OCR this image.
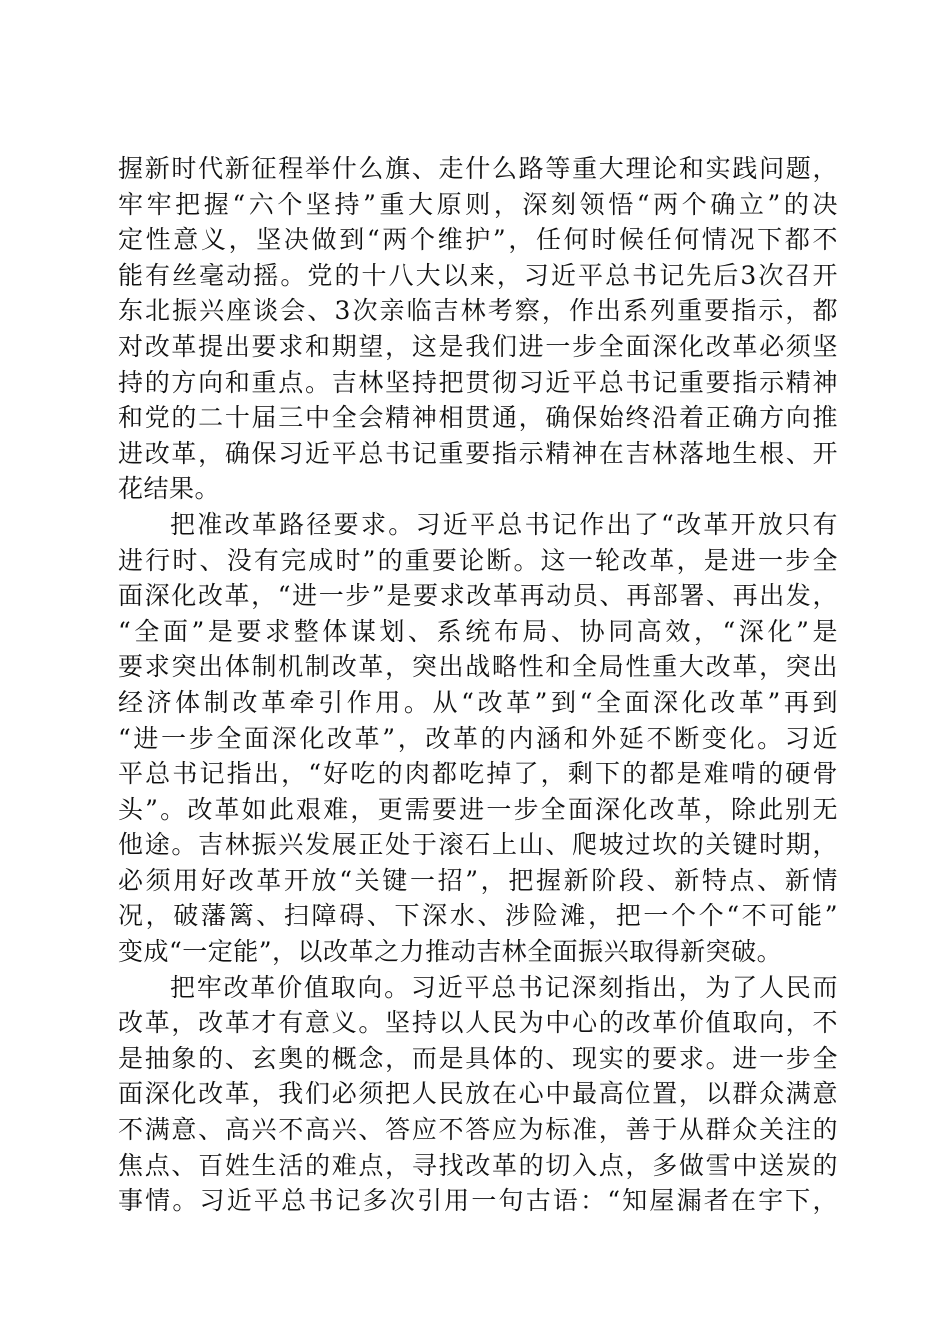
握新时代新征程举什么旗、走什么路等重大理论和实践问题，
牢牢把握“六个坚持”重大原则，深刻领悟“两个确立”的决
定性意义，坚决做到“两个维护”，任何时候任何情况下都不
能有丝毫动摇。党的十八大以来，习近平总书记先后3次召开
东北振兴座谈会、3次亲临吉林考察，作出系列重要指示，都
对改革提出要求和期望，这是我们进一步全面深化改革必须坚
持的方向和重点。吉林坚持把贯彻习近平总书记重要指示精神
和党的二十届三中全会精神相贯通，确保始终沿着正确方向推
进改革，确保习近平总书记重要指示精神在吉林落地生根、开
花结果。
把准改革路径要求。习近平总书记作出了“改革开放只有
进行时、没有完成时”的重要论断。这一轮改革，是进一步全
面深化改革，“进一步”是要求改革再动员、再部署、再出发，
“全面”是要求整体谋划、系统布局、协同高效，“深化”是
要求突出体制机制改革，突出战略性和全局性重大改革，突出
经济体制改革牵引作用。从“改革”到“全面深化改革”再到
“进一步全面深化改革”，改革的内涵和外延不断变化。习近
平总书记指出，“好吃的肉都吃掉了，剩下的都是难啃的硬骨
头”。改革如此艰难，更需要进一步全面深化改革，除此别无
他途。吉林振兴发展正处于滚石上山、爬坡过坎的关键时期，
必须用好改革开放“关键一招”，把握新阶段、新特点、新情
况，破藩篱、扫障碍、下深水、涉险滩，把一个个“不可能”
变成“一定能”，以改革之力推动吉林全面振兴取得新突破。
把牢改革价值取向。习近平总书记深刻指出，为了人民而
改革，改革才有意义。坚持以人民为中心的改革价值取向，不
是抽象的、玄奥的概念，而是具体的、现实的要求。进一步全
面深化改革，我们必须把人民放在心中最高位置，以群众满意
不满意、高兴不高兴、答应不答应为标准，善于从群众关注的
焦点、百姓生活的难点，寻找改革的切入点，多做雪中送炭的
事情。习近平总书记多次引用一句古语：“知屋漏者在宇下，
